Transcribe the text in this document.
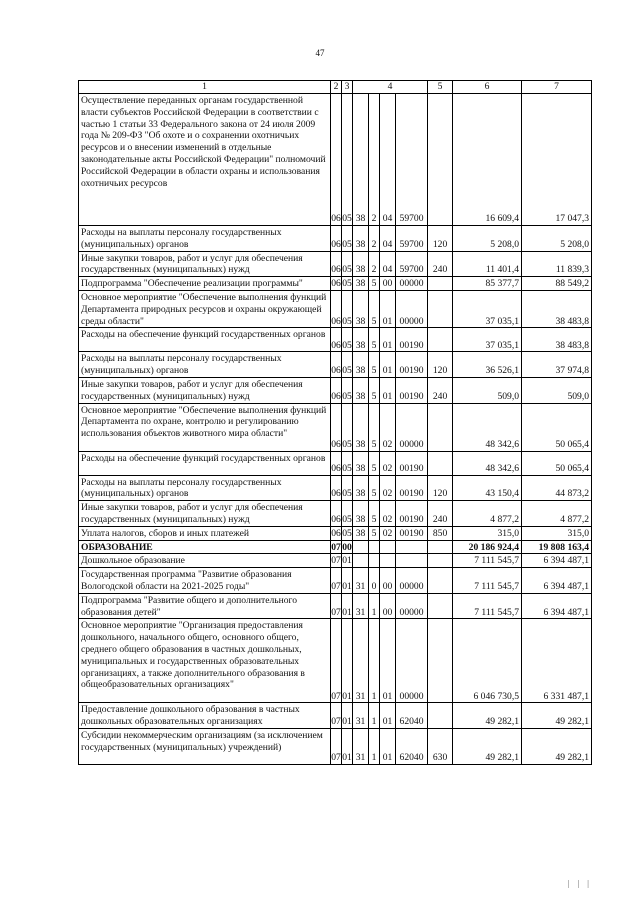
47
1	2	3	4				5	6	7
Осуществление переданных органам государственной власти субъектов Российской Федерации в соответствии с частью 1 статьи 33 Федерального закона от 24 июля 2009 года № 209-ФЗ "Об охоте и о сохранении охотничьих ресурсов и о внесении изменений в отдельные законодательные акты Российской Федерации" полномочий Российской Федерации в области охраны и использования охотничьих ресурсов	06	05	38	2	04	59700		16 609,4	17 047,3
Расходы на выплаты персоналу государственных (муниципальных) органов	06	05	38	2	04	59700	120	5 208,0	5 208,0
Иные закупки товаров, работ и услуг для обеспечения государственных (муниципальных) нужд	06	05	38	2	04	59700	240	11 401,4	11 839,3
Подпрограмма "Обеспечение реализации программы"	06	05	38	5	00	00000		85 377,7	88 549,2
Основное мероприятие "Обеспечение выполнения функций Департамента природных ресурсов и охраны окружающей среды области"	06	05	38	5	01	00000		37 035,1	38 483,8
Расходы на обеспечение функций государственных органов	06	05	38	5	01	00190		37 035,1	38 483,8
Расходы на выплаты персоналу государственных (муниципальных) органов	06	05	38	5	01	00190	120	36 526,1	37 974,8
Иные закупки товаров, работ и услуг для обеспечения государственных (муниципальных) нужд	06	05	38	5	01	00190	240	509,0	509,0
Основное мероприятие "Обеспечение выполнения функций Департамента по охране, контролю и регулированию использования объектов животного мира области"	06	05	38	5	02	00000		48 342,6	50 065,4
Расходы на обеспечение функций государственных органов	06	05	38	5	02	00190		48 342,6	50 065,4
Расходы на выплаты персоналу государственных (муниципальных) органов	06	05	38	5	02	00190	120	43 150,4	44 873,2
Иные закупки товаров, работ и услуг для обеспечения государственных (муниципальных) нужд	06	05	38	5	02	00190	240	4 877,2	4 877,2
Уплата налогов, сборов и иных платежей	06	05	38	5	02	00190	850	315,0	315,0
ОБРАЗОВАНИЕ	07	00						20 186 924,4	19 808 163,4
Дошкольное образование	07	01						7 111 545,7	6 394 487,1
Государственная программа "Развитие образования Вологодской области на 2021-2025 годы"	07	01	31	0	00	00000		7 111 545,7	6 394 487,1
Подпрограмма "Развитие общего и дополнительного образования детей"	07	01	31	1	00	00000		7 111 545,7	6 394 487,1
Основное мероприятие "Организация предоставления дошкольного, начального общего, основного общего, среднего общего образования в частных дошкольных, муниципальных и государственных образовательных организациях, а также дополнительного образования в общеобразовательных организациях"	07	01	31	1	01	00000		6 046 730,5	6 331 487,1
Предоставление дошкольного образования в частных дошкольных образовательных организациях	07	01	31	1	01	62040		49 282,1	49 282,1
Субсидии некоммерческим организациям (за исключением государственных (муниципальных) учреждений)	07	01	31	1	01	62040	630	49 282,1	49 282,1
| | |
